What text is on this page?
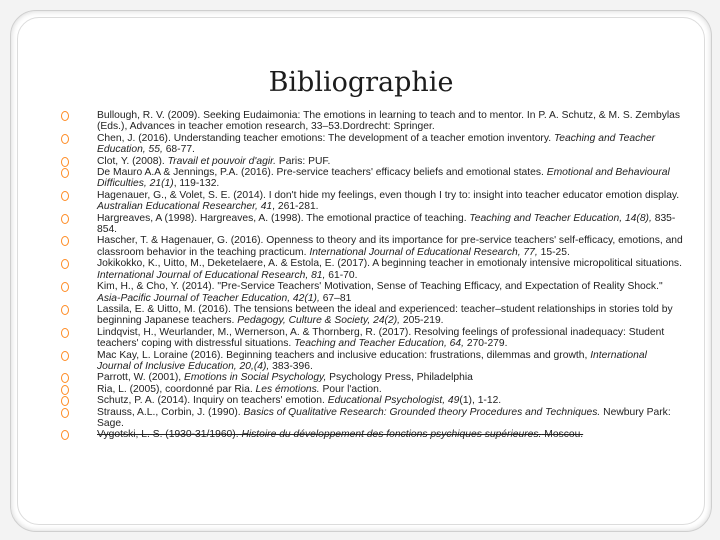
Bibliographie
Bullough, R. V. (2009). Seeking Eudaimonia: The emotions in learning to teach and to mentor. In P. A. Schutz, & M. S. Zembylas (Eds.), Advances in teacher emotion research, 33–53.Dordrecht: Springer.
Chen, J. (2016). Understanding teacher emotions: The development of a teacher emotion inventory. Teaching and Teacher Education, 55, 68-77.
Clot, Y. (2008). Travail et pouvoir d'agir. Paris: PUF.
De Mauro A.A & Jennings, P.A. (2016). Pre-service teachers' efficacy beliefs and emotional states. Emotional and Behavioural Difficulties, 21(1), 119-132.
Hagenauer, G., & Volet, S. E. (2014). I don't hide my feelings, even though I try to: insight into teacher educator emotion display. Australian Educational Researcher, 41, 261-281.
Hargreaves, A (1998). Hargreaves, A. (1998). The emotional practice of teaching. Teaching and Teacher Education, 14(8), 835-854.
Hascher, T. & Hagenauer, G. (2016). Openness to theory and its importance for pre-service teachers' self-efficacy, emotions, and classroom behavior in the teaching practicum. International Journal of Educational Research, 77, 15-25.
Jokikokko, K., Uitto, M., Deketelaere, A. & Estola, E. (2017). A beginning teacher in emotionaly intensive micropolitical situations. International Journal of Educational Research, 81, 61-70.
Kim, H., & Cho, Y. (2014). "Pre-Service Teachers' Motivation, Sense of Teaching Efficacy, and Expectation of Reality Shock." Asia-Pacific Journal of Teacher Education, 42(1), 67–81
Lassila, E. & Uitto, M. (2016). The tensions between the ideal and experienced: teacher–student relationships in stories told by beginning Japanese teachers. Pedagogy, Culture & Society, 24(2), 205-219.
Lindqvist, H., Weurlander, M., Wernerson, A. & Thornberg, R. (2017). Resolving feelings of professional inadequacy: Student teachers' coping with distressful situations. Teaching and Teacher Education, 64, 270-279.
Mac Kay, L. Loraine (2016). Beginning teachers and inclusive education: frustrations, dilemmas and growth, International Journal of Inclusive Education, 20,(4), 383-396.
Parrott, W. (2001), Emotions in Social Psychology, Psychology Press, Philadelphia
Ria, L. (2005), coordonné par Ria. Les émotions. Pour l'action.
Schutz, P. A. (2014). Inquiry on teachers' emotion. Educational Psychologist, 49(1), 1-12.
Strauss, A.L., Corbin, J. (1990). Basics of Qualitative Research: Grounded theory Procedures and Techniques. Newbury Park: Sage.
Vygotski, L. S. (1930-31/1960). Histoire du développement des fonctions psychiques supérieures. Moscou.
